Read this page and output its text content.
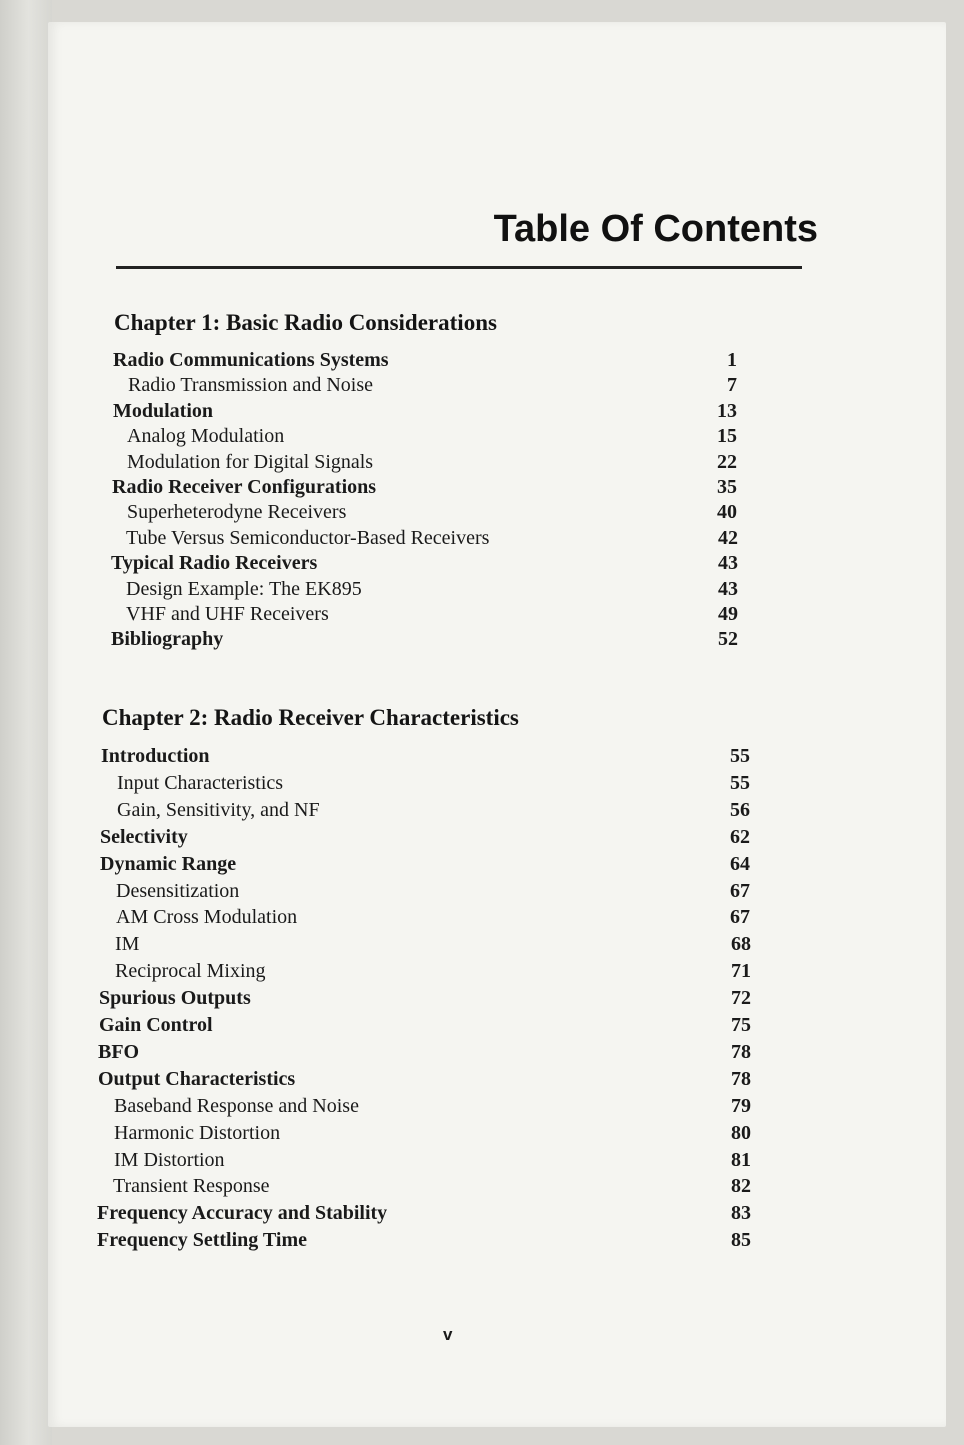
Table Of Contents
Chapter 1: Basic Radio Considerations
Radio Communications Systems	1
Radio Transmission and Noise	7
Modulation	13
Analog Modulation	15
Modulation for Digital Signals	22
Radio Receiver Configurations	35
Superheterodyne Receivers	40
Tube Versus Semiconductor-Based Receivers	42
Typical Radio Receivers	43
Design Example: The EK895	43
VHF and UHF Receivers	49
Bibliography	52
Chapter 2: Radio Receiver Characteristics
Introduction	55
Input Characteristics	55
Gain, Sensitivity, and NF	56
Selectivity	62
Dynamic Range	64
Desensitization	67
AM Cross Modulation	67
IM	68
Reciprocal Mixing	71
Spurious Outputs	72
Gain Control	75
BFO	78
Output Characteristics	78
Baseband Response and Noise	79
Harmonic Distortion	80
IM Distortion	81
Transient Response	82
Frequency Accuracy and Stability	83
Frequency Settling Time	85
v
